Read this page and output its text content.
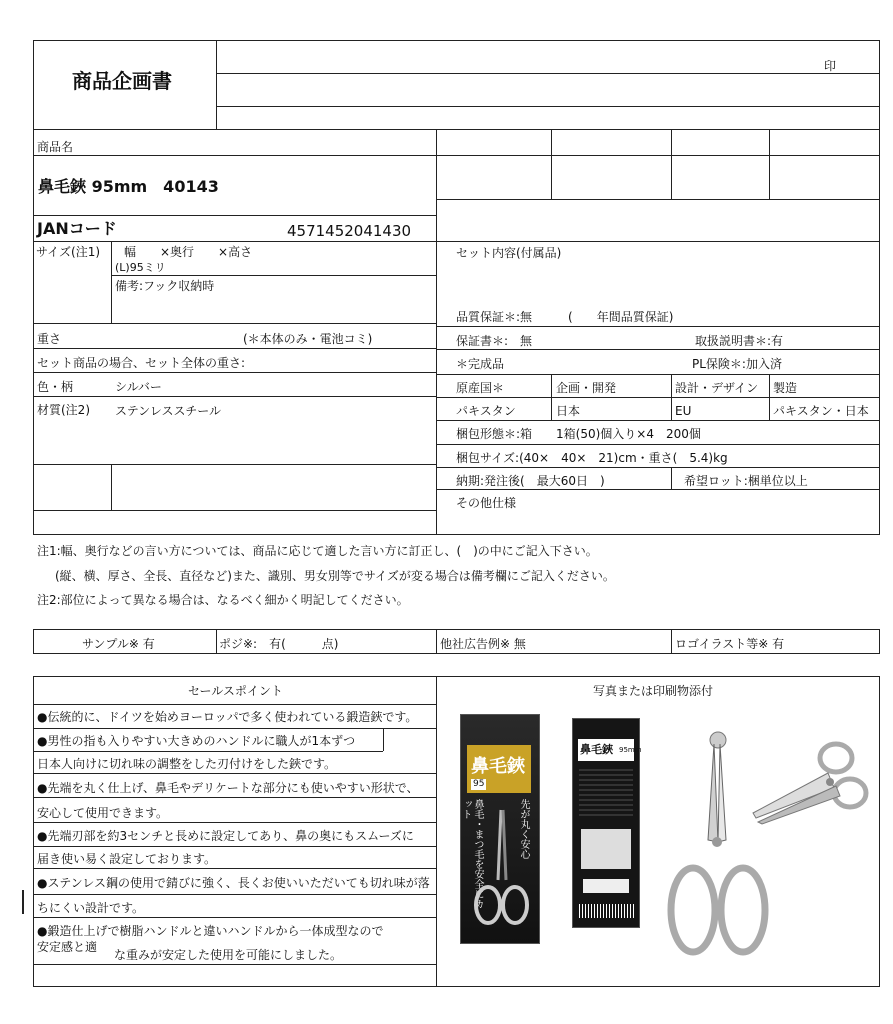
商品企画書
印
商品名
鼻毛鋏 95mm　40143
JANコード	4571452041430
サイズ(注1) 幅　　×奥行　　×高さ
(L)95ミリ
備考:フック収納時
重さ	(＊本体のみ・電池コミ)
セット商品の場合、セット全体の重さ:
色・柄	シルバー
材質(注2) ステンレススチール
セット内容(付属品)
品質保証＊:無　　　(　　年間品質保証)
保証書＊:　無	取扱説明書＊:有
＊完成品	PL保険＊:加入済
原産国＊	企画・開発	設計・デザイン 製造
パキスタン	日本	EU	パキスタン・日本
梱包形態＊:箱　　1箱(50)個入り×4　200個
梱包サイズ:(40×　40×　21)cm・重さ(　5.4)kg
納期:発注後(　最大60日　)	希望ロット:梱単位以上
その他仕様
注1:幅、奥行などの言い方については、商品に応じて適した言い方に訂正し、(　)の中にご記入下さい。
(縦、横、厚さ、全長、直径など)また、識別、男女別等でサイズが変る場合は備考欄にご記入ください。
注2:部位によって異なる場合は、なるべく細かく明記してください。
サンプル※ 有	ポジ※:　有(　　　点)	他社広告例※ 無	ロゴイラスト等※ 有
セールスポイント	写真または印刷物添付
●伝統的に、ドイツを始めヨーロッパで多く使われている鍛造鋏です。
●男性の指も入りやすい大きめのハンドルに職人が1本ずつ
日本人向けに切れ味の調整をした刃付けをした鋏です。
●先端を丸く仕上げ、鼻毛やデリケートな部分にも使いやすい形状で、
安心して使用できます。
●先端刃部を約3センチと長めに設定してあり、鼻の奥にもスムーズに
届き使い易く設定しております。
●ステンレス鋼の使用で錆びに強く、長くお使いいただいても切れ味が落
ちにくい設計です。
●鍛造仕上げで樹脂ハンドルと違いハンドルから一体成型なので
安定感と適
な重みが安定した使用を可能にしました。
鼻毛鋏
95
鼻毛・まつ毛を安全にカット	先が丸く安心
鼻毛鋏 95mm
